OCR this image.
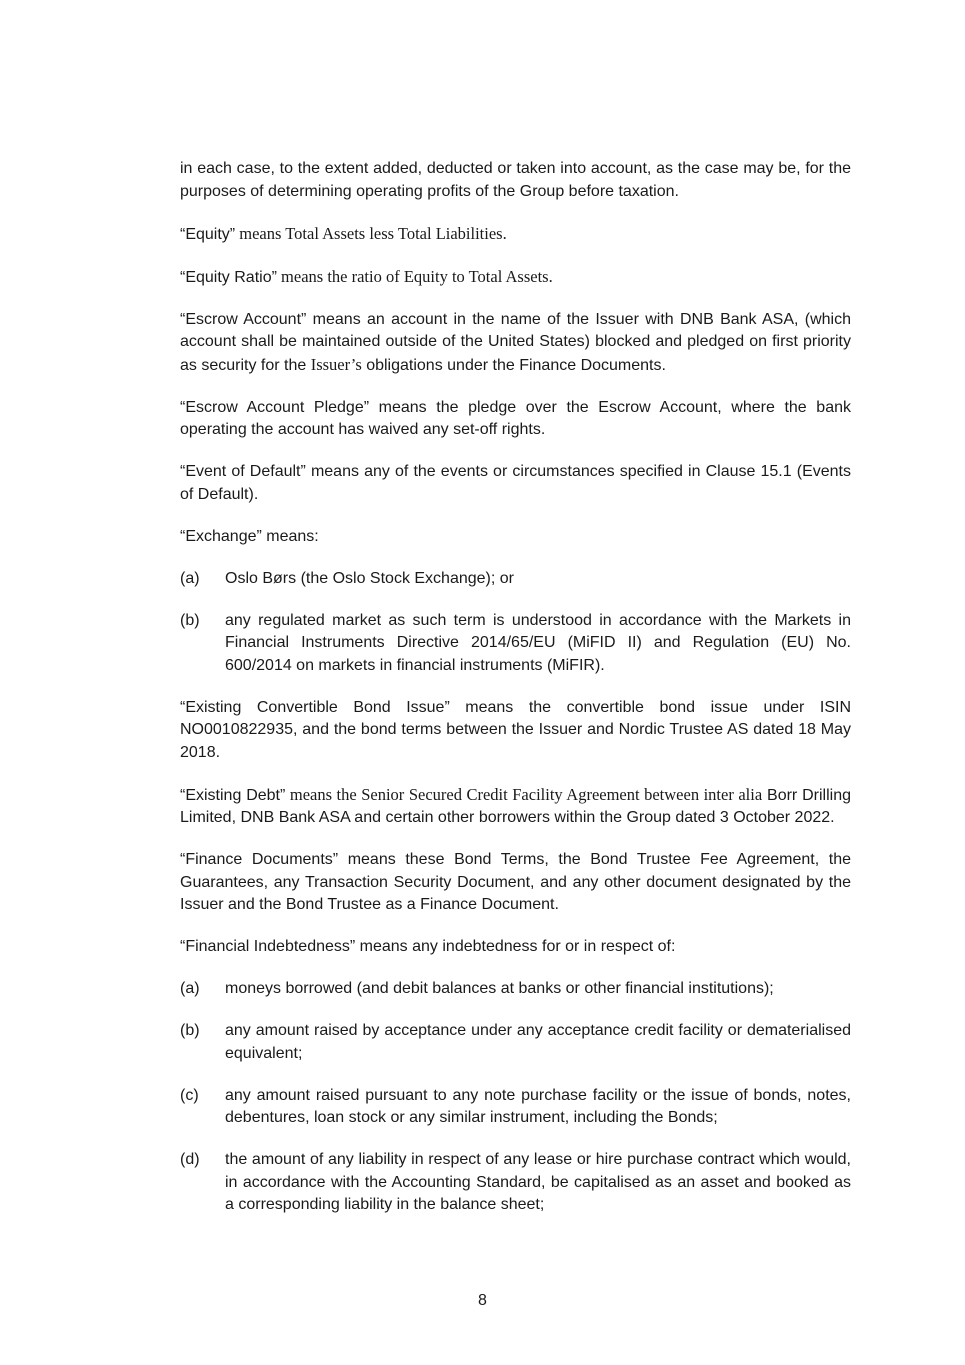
in each case, to the extent added, deducted or taken into account, as the case may be, for the purposes of determining operating profits of the Group before taxation.

“Equity” means Total Assets less Total Liabilities.

“Equity Ratio” means the ratio of Equity to Total Assets.

“Escrow Account” means an account in the name of the Issuer with DNB Bank ASA, (which account shall be maintained outside of the United States) blocked and pledged on first priority as security for the Issuer’s obligations under the Finance Documents.

“Escrow Account Pledge” means the pledge over the Escrow Account, where the bank operating the account has waived any set-off rights.

“Event of Default” means any of the events or circumstances specified in Clause 15.1 (Events of Default).

“Exchange” means:

(a)	Oslo Børs (the Oslo Stock Exchange); or
(b)	any regulated market as such term is understood in accordance with the Markets in Financial Instruments Directive 2014/65/EU (MiFID II) and Regulation (EU) No. 600/2014 on markets in financial instruments (MiFIR).

“Existing Convertible Bond Issue” means the convertible bond issue under ISIN NO0010822935, and the bond terms between the Issuer and Nordic Trustee AS dated 18 May 2018.

“Existing Debt” means the Senior Secured Credit Facility Agreement between inter alia Borr Drilling Limited, DNB Bank ASA and certain other borrowers within the Group dated 3 October 2022.

“Finance Documents” means these Bond Terms, the Bond Trustee Fee Agreement, the Guarantees, any Transaction Security Document, and any other document designated by the Issuer and the Bond Trustee as a Finance Document.

“Financial Indebtedness” means any indebtedness for or in respect of:

(a)	moneys borrowed (and debit balances at banks or other financial institutions);
(b)	any amount raised by acceptance under any acceptance credit facility or dematerialised equivalent;
(c)	any amount raised pursuant to any note purchase facility or the issue of bonds, notes, debentures, loan stock or any similar instrument, including the Bonds;
(d)	the amount of any liability in respect of any lease or hire purchase contract which would, in accordance with the Accounting Standard, be capitalised as an asset and booked as a corresponding liability in the balance sheet;
8
